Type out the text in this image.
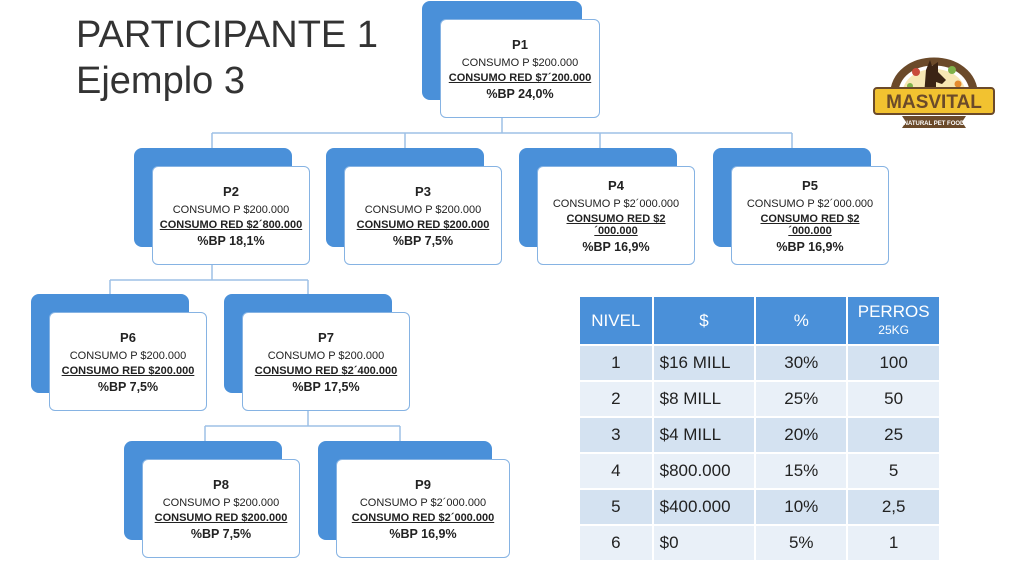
PARTICIPANTE 1
Ejemplo 3
P1
CONSUMO P $200.000
CONSUMO RED $7´200.000
%BP 24,0%
P2
CONSUMO P $200.000
CONSUMO RED $2´800.000
%BP 18,1%
P3
CONSUMO P $200.000
CONSUMO RED $200.000
%BP 7,5%
P4
CONSUMO P $2´000.000
CONSUMO RED $2´000.000
%BP 16,9%
P5
CONSUMO P $2´000.000
CONSUMO RED $2´000.000
%BP 16,9%
P6
CONSUMO P $200.000
CONSUMO RED $200.000
%BP 7,5%
P7
CONSUMO P $200.000
CONSUMO RED $2´400.000
%BP 17,5%
P8
CONSUMO P $200.000
CONSUMO RED $200.000
%BP 7,5%
P9
CONSUMO P $2´000.000
CONSUMO RED $2´000.000
%BP 16,9%
NIVEL	$	%	PERROS
25KG

1	$16 MILL	30%	100
2	$8 MILL	25%	50
3	$4 MILL	20%	25
4	$800.000	15%	5
5	$400.000	10%	2,5
6	$0	5%	1
MASVITAL
NATURAL PET FOOD
